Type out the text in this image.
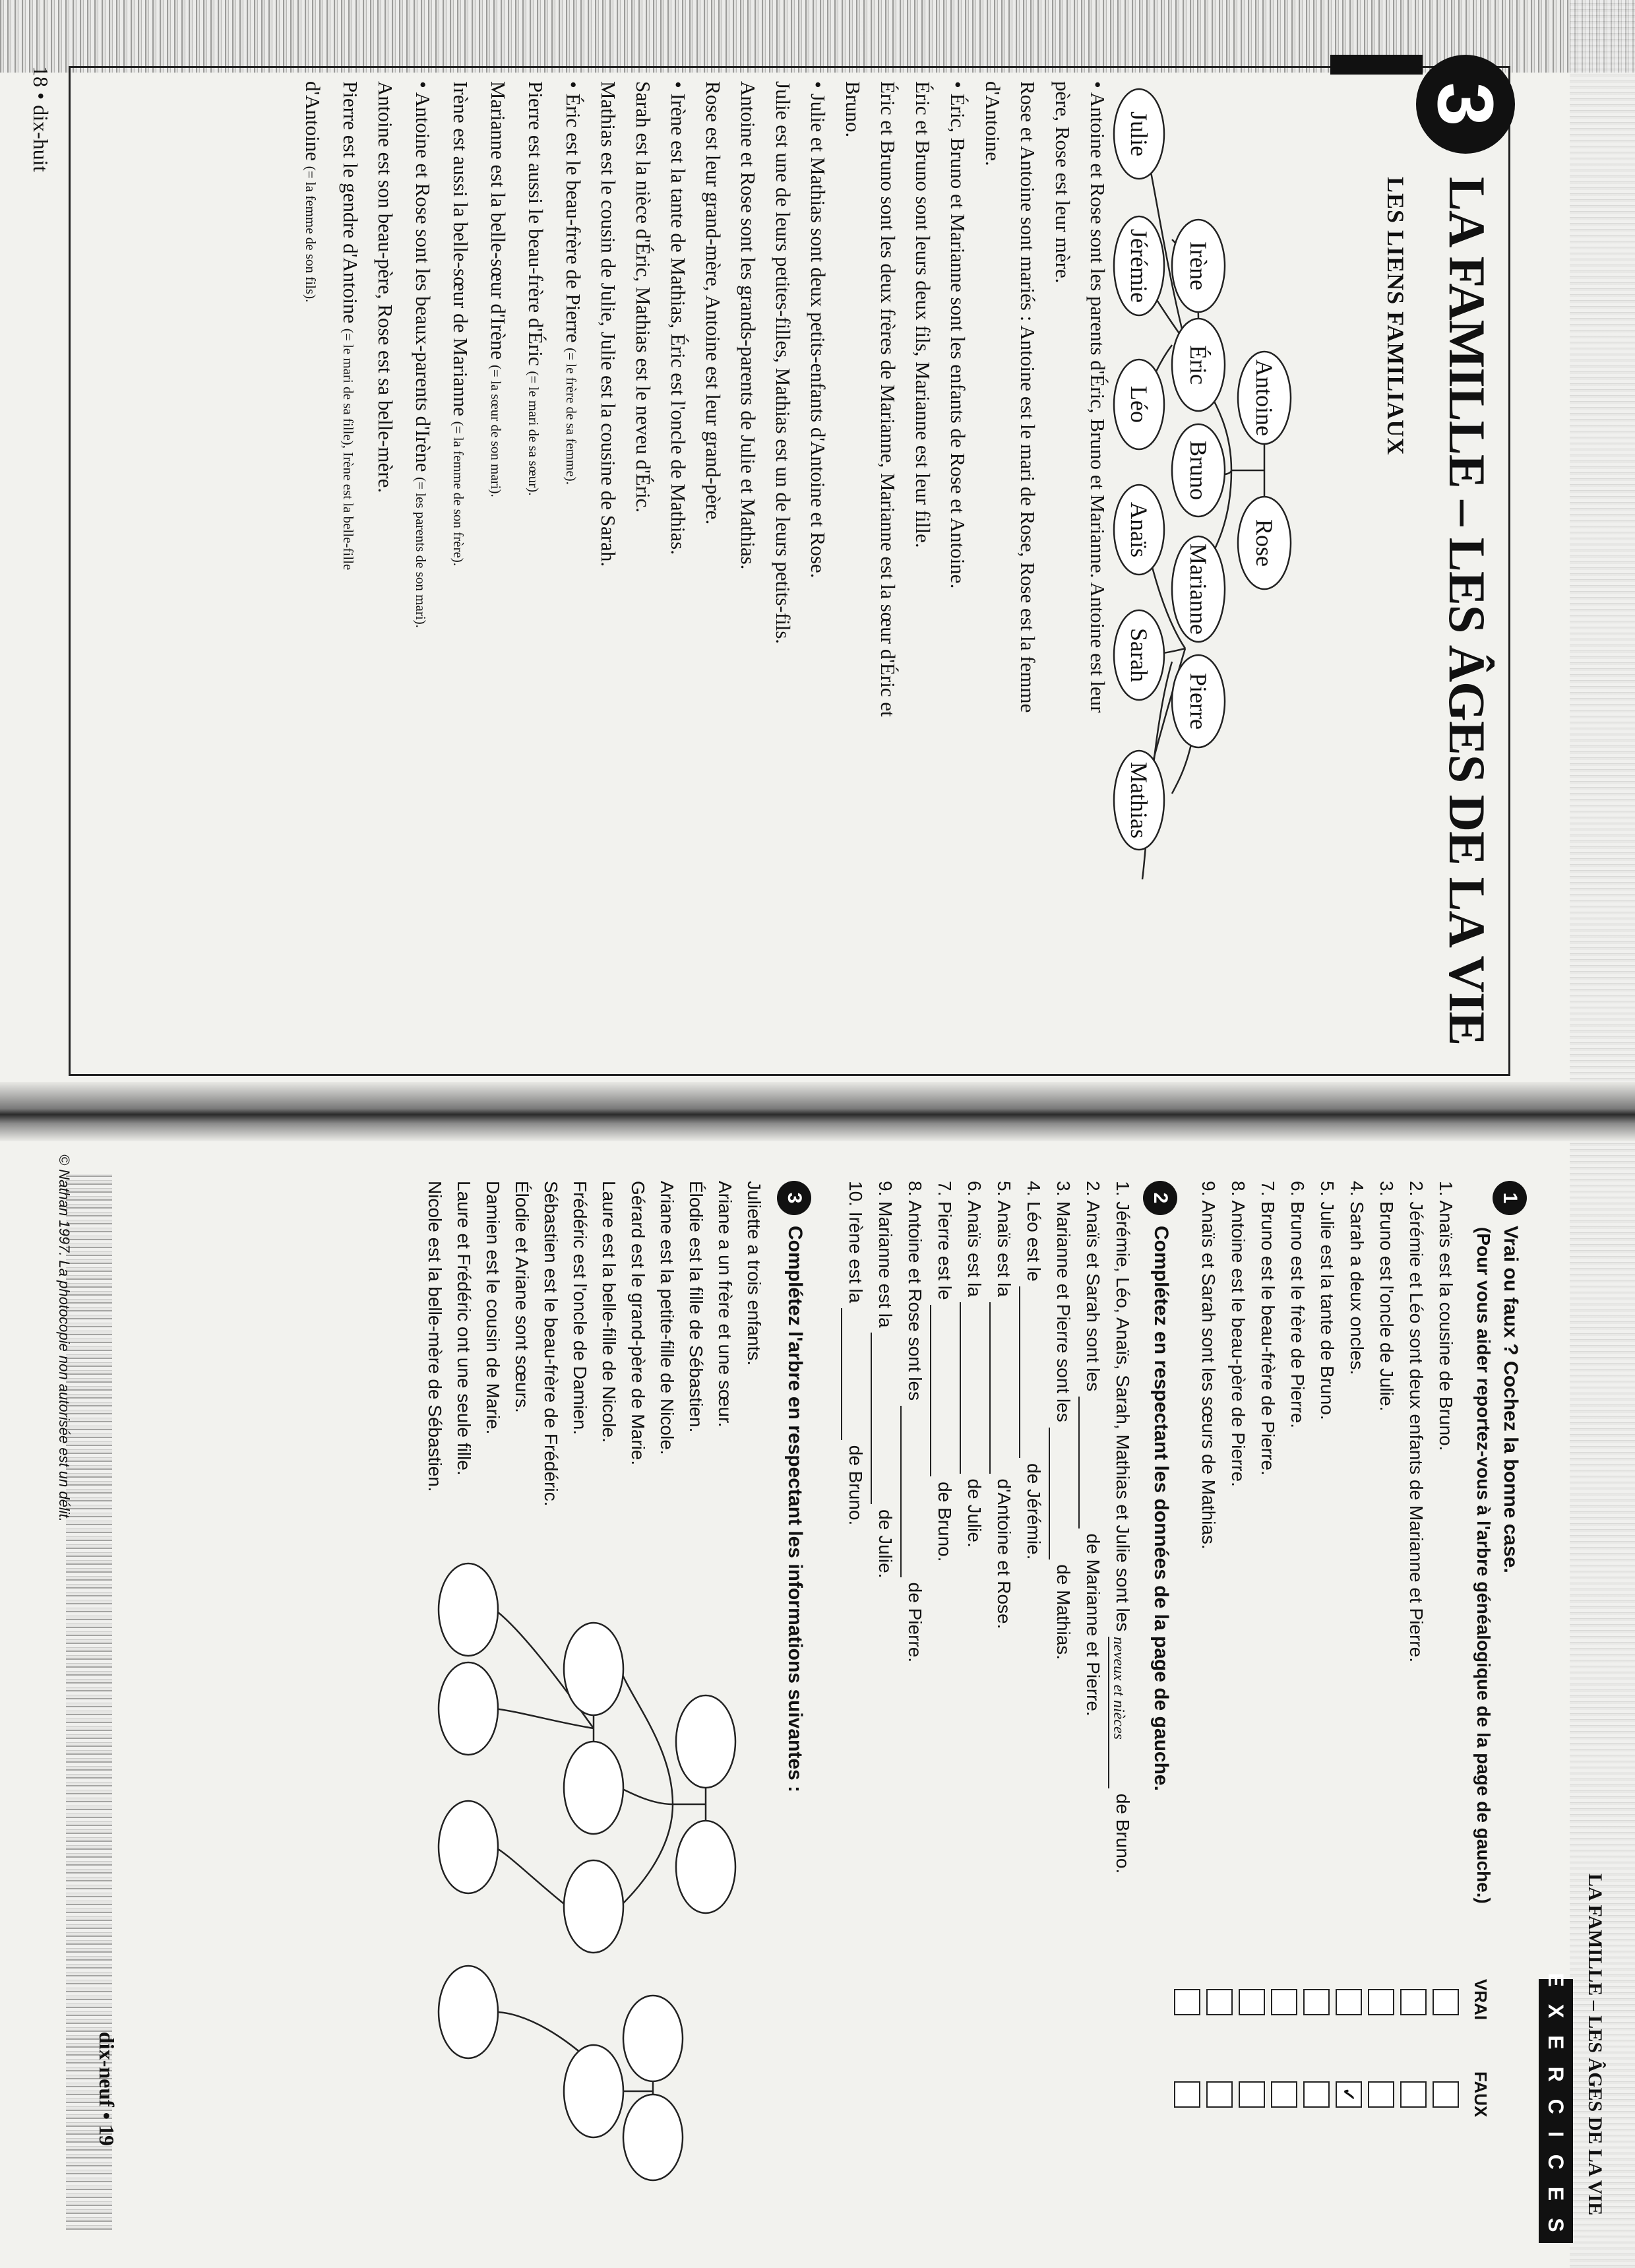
3
LA FAMILLE – LES ÂGES DE LA VIE
LES LIENS FAMILIAUX
Antoine
Rose
Irène
Éric
Bruno
Marianne
Pierre
Julie
Jérémie
Léo
Anaïs
Sarah
Mathias

• Antoine et Rose sont les parents d'Éric, Bruno et Marianne. Antoine est leur

père, Rose est leur mère.

Rose et Antoine sont mariés : Antoine est le mari de Rose, Rose est la femme

d'Antoine.

• Éric, Bruno et Marianne sont les enfants de Rose et Antoine.

Éric et Bruno sont leurs deux fils, Marianne est leur fille.

Éric et Bruno sont les deux frères de Marianne, Marianne est la sœur d'Éric et

Bruno.

• Julie et Mathias sont deux petits-enfants d'Antoine et Rose.

Julie est une de leurs petites-filles, Mathias est un de leurs petits-fils.

Antoine et Rose sont les grands-parents de Julie et Mathias.

Rose est leur grand-mère, Antoine est leur grand-père.

• Irène est la tante de Mathias, Éric est l'oncle de Mathias.

Sarah est la nièce d'Éric, Mathias est le neveu d'Éric.

Mathias est le cousin de Julie, Julie est la cousine de Sarah.

• Éric est le beau-frère de Pierre (= le frère de sa femme).

Pierre est aussi le beau-frère d'Éric (= le mari de sa sœur).

Marianne est la belle-sœur d'Irène (= la sœur de son mari).

Irène est aussi la belle-sœur de Marianne (= la femme de son frère).

• Antoine et Rose sont les beaux-parents d'Irène (= les parents de son mari).

Antoine est son beau-père, Rose est sa belle-mère.

Pierre est le gendre d'Antoine (= le mari de sa fille), Irène est la belle-fille

d'Antoine (= la femme de son fils).

18 • dix-huit
© Nathan 1997. La photocopie non autorisée est un délit.
LA FAMILLE – LES ÂGES DE LA VIE
EXERCICES
1Vrai ou faux ? Cochez la bonne case.
(Pour vous aider reportez-vous à l'arbre généalogique de la page de gauche.)
1. Anaïs est la cousine de Bruno.
2. Jérémie et Léo sont deux enfants de Marianne et Pierre.
3. Bruno est l'oncle de Julie.
4. Sarah a deux oncles.
5. Julie est la tante de Bruno.
6. Bruno est le frère de Pierre.
7. Bruno est le beau-frère de Pierre.
8. Antoine est le beau-père de Pierre.
9. Anaïs et Sarah sont les sœurs de Mathias.
VRAI
FAUX
✓
2Complétez en respectant les données de la page de gauche.
1. Jérémie, Léo, Anaïs, Sarah, Mathias et Julie sont les neveux et nièces de Bruno.
2. Anaïs et Sarah sont les  de Marianne et Pierre.
3. Marianne et Pierre sont les  de Mathias.
4. Léo est le  de Jérémie.
5. Anaïs est la  d'Antoine et Rose.
6. Anaïs est la  de Julie.
7. Pierre est le  de Bruno.
8. Antoine et Rose sont les  de Pierre.
9. Marianne est la  de Julie.
10. Irène est la  de Bruno.
3Complétez l'arbre en respectant les informations suivantes :
Juliette a trois enfants.
Ariane a un frère et une sœur.
Élodie est la fille de Sébastien.
Ariane est la petite-fille de Nicole.
Gérard est le grand-père de Marie.
Laure est la belle-fille de Nicole.
Frédéric est l'oncle de Damien.
Sébastien est le beau-frère de Frédéric.
Élodie et Ariane sont sœurs.
Damien est le cousin de Marie.
Laure et Frédéric ont une seule fille.
Nicole est la belle-mère de Sébastien.
dix-neuf • 19
